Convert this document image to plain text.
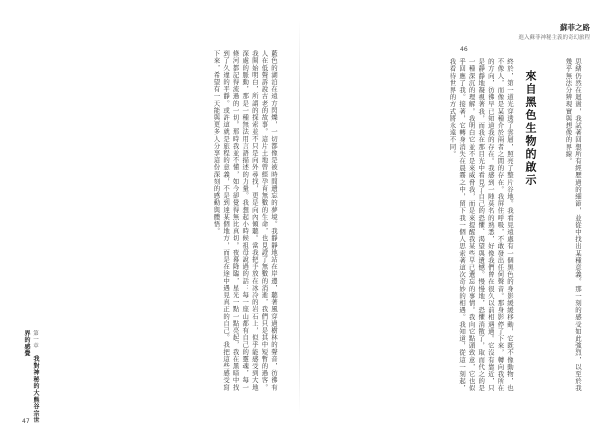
第一章 我對神秘的大熊谷宗世界的感覺
47
藍色的湖泊在遠方閃爍，一切都像是被時間遺忘的夢境。我靜靜地站在岸邊，聽著風穿過樹林的聲音，彷彿有人在低聲訴說古老的故事。這片土地曾經孕育無數的生命，也見證了無數的消逝，我們只是其中短暫的過客。我開始明白，所謂的探索並不只是向外尋找，更是向內傾聽。當我把手放在冰冷的岩石上，似乎能感受到大地深處的脈動，那是一種無法用言語描述的力量。我想起小時候祖母說過的話：每一座山都有自己的靈魂，每一條河都記得流過的一切。那時我並不懂，如今卻覺得無比真切。夜幕降臨，星光一點一點亮起，我在黑暗中找到了久違的平靜。或許這就是旅程的意義，不是到達某個地方，而是在途中遇見真正的自己。我把這些感受寫下來，希望有一天能與更多人分享這份深刻的感動與體悟。
蘇菲之路
進入蘇菲神秘主義的奇幻旅程
46
思緒仍然在迴盪，我試著回想所有經歷過的細節，並從中找出某種意義。那一刻的感受如此強烈，以至於我幾乎無法分辨現實與想像的界線。
來自黑色生物的啟示
終於，第一道光穿透了雲層，照亮了整片谷地。我看見遠處有一個黑色的身影緩緩移動，它既不像動物，也不像人，而像是某種介於兩者之間的存在。我屏住呼吸，不敢發出任何聲音。那身影停了下來，轉向我所在的方向，彷彿早已知道我的存在。我感到一陣莫名的熟悉，好像我們曾在很久以前相遇過。它沒有靠近，只是靜靜地凝視著我，而我在那目光中看見了自己的恐懼、渴望與遺憾。慢慢地，恐懼消散了，取而代之的是一種深沉的理解。我明白它並不是來威脅我，而是來提醒我某些早已遺忘的事情。我向它點頭致意，它也似乎回應了我。接著，它轉身消失在晨霧之中，留下我一個人思索著這次奇妙的相遇。我知道，從這一刻起，我看待世界的方式將永遠不同。
